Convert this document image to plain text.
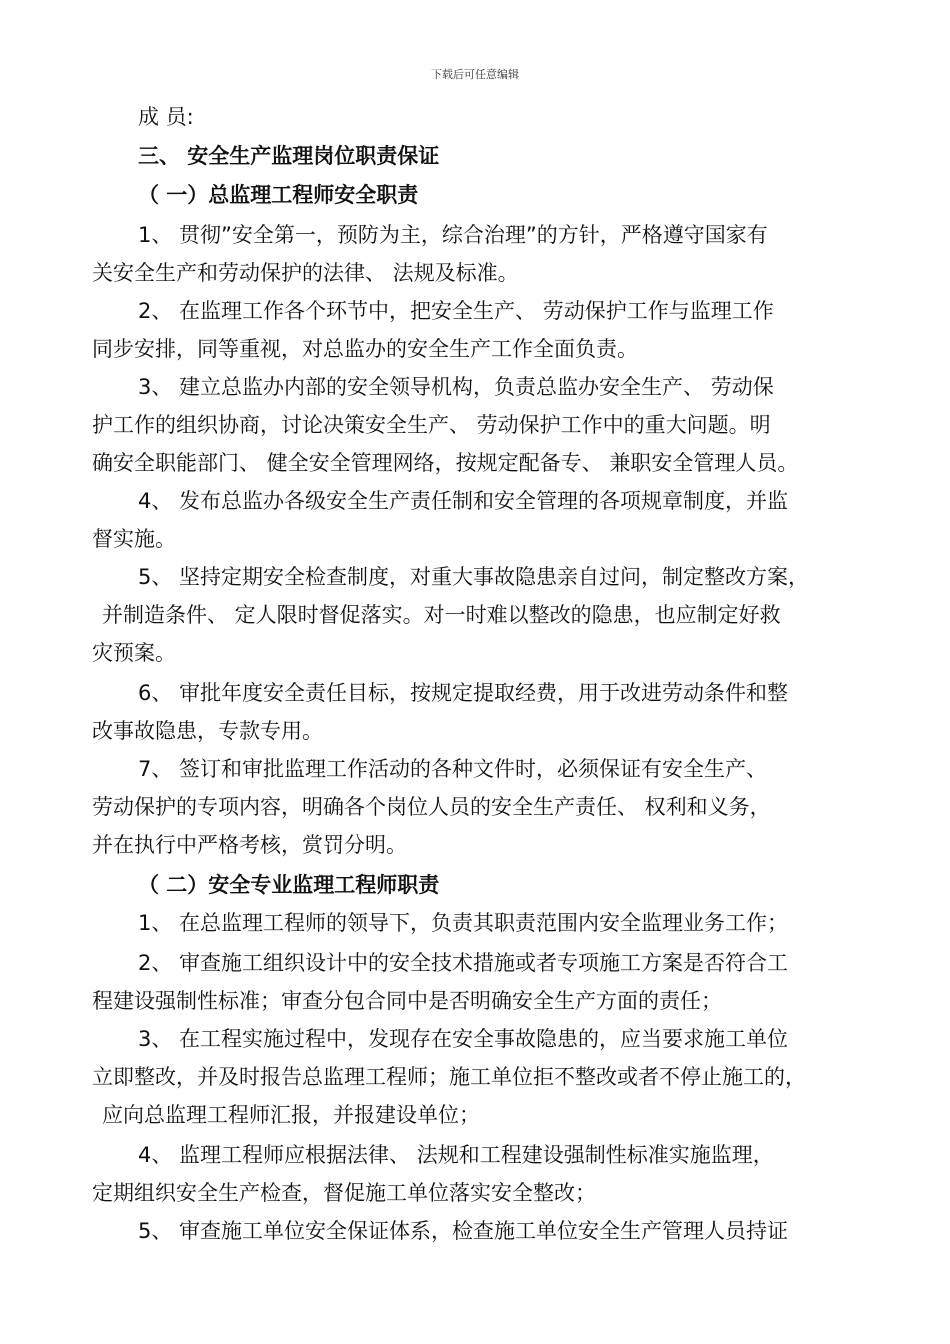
下载后可任意编辑
成 员:
三、 安全生产监理岗位职责保证
（ 一）总监理工程师安全职责
1、 贯彻”安全第一，预防为主，综合治理”的方针，严格遵守国家有
关安全生产和劳动保护的法律、 法规及标准。
2、 在监理工作各个环节中，把安全生产、 劳动保护工作与监理工作
同步安排，同等重视，对总监办的安全生产工作全面负责。
3、 建立总监办内部的安全领导机构，负责总监办安全生产、 劳动保
护工作的组织协商，讨论决策安全生产、 劳动保护工作中的重大问题。明
确安全职能部门、 健全安全管理网络，按规定配备专、 兼职安全管理人员。
4、 发布总监办各级安全生产责任制和安全管理的各项规章制度，并监
督实施。
5、 坚持定期安全检查制度，对重大事故隐患亲自过问，制定整改方案，
并制造条件、 定人限时督促落实。对一时难以整改的隐患，也应制定好救
灾预案。
6、 审批年度安全责任目标，按规定提取经费，用于改进劳动条件和整
改事故隐患，专款专用。
7、 签订和审批监理工作活动的各种文件时，必须保证有安全生产、
劳动保护的专项内容，明确各个岗位人员的安全生产责任、 权利和义务，
并在执行中严格考核，赏罚分明。
（ 二）安全专业监理工程师职责
1、 在总监理工程师的领导下，负责其职责范围内安全监理业务工作；
2、 审查施工组织设计中的安全技术措施或者专项施工方案是否符合工
程建设强制性标准；审查分包合同中是否明确安全生产方面的责任；
3、 在工程实施过程中，发现存在安全事故隐患的，应当要求施工单位
立即整改，并及时报告总监理工程师；施工单位拒不整改或者不停止施工的，
应向总监理工程师汇报，并报建设单位；
4、 监理工程师应根据法律、 法规和工程建设强制性标准实施监理，
定期组织安全生产检查，督促施工单位落实安全整改；
5、 审查施工单位安全保证体系，检查施工单位安全生产管理人员持证
